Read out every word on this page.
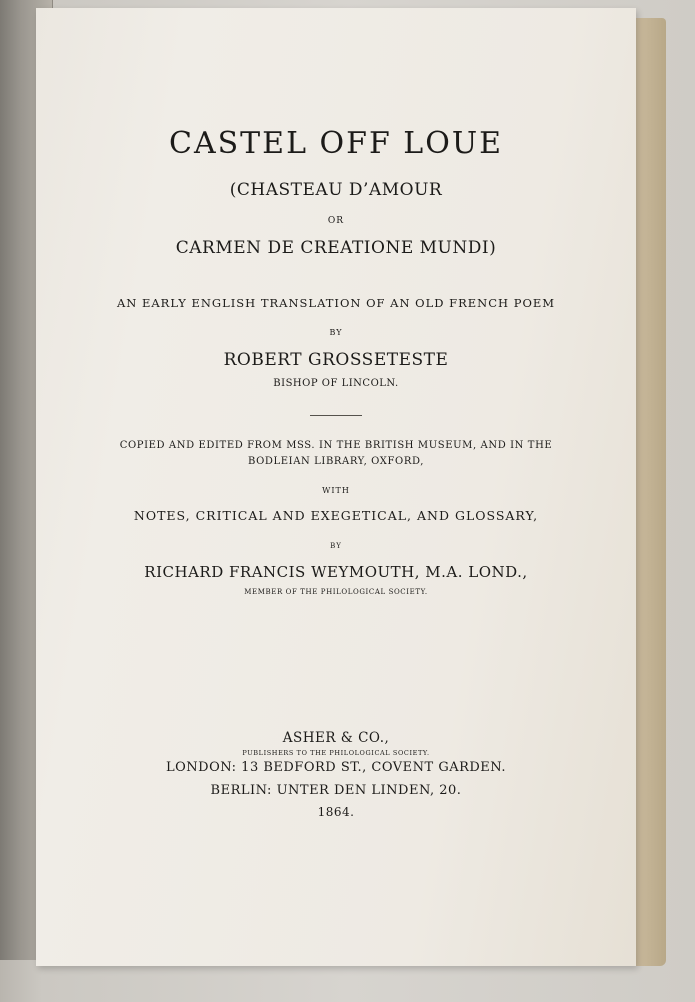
CASTEL OFF LOUE

(CHASTEAU D’AMOUR

OR

CARMEN DE CREATIONE MUNDI)

AN EARLY ENGLISH TRANSLATION OF AN OLD FRENCH POEM

BY

ROBERT GROSSETESTE

BISHOP OF LINCOLN.

COPIED AND EDITED FROM MSS. IN THE BRITISH MUSEUM, AND IN THE

BODLEIAN LIBRARY, OXFORD,

WITH

NOTES, CRITICAL AND EXEGETICAL, AND GLOSSARY,

BY

RICHARD FRANCIS WEYMOUTH, M.A. LOND.,

MEMBER OF THE PHILOLOGICAL SOCIETY.

ASHER & CO.,

PUBLISHERS TO THE PHILOLOGICAL SOCIETY.

LONDON: 13 BEDFORD ST., COVENT GARDEN.

BERLIN: UNTER DEN LINDEN, 20.

1864.
